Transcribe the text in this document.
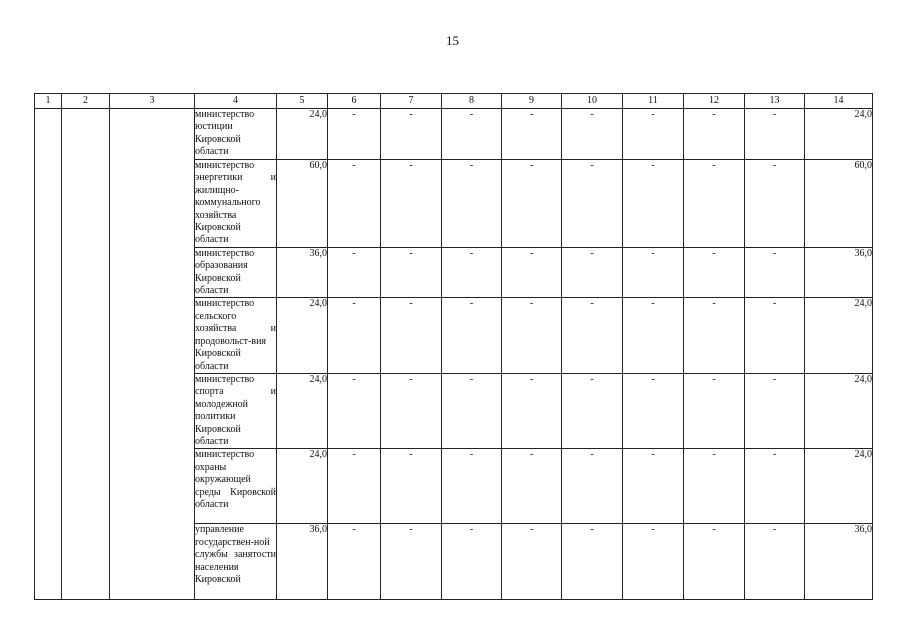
15
1	2	3	4	5	6	7	8	9	10	11	12	13	14
			министерство юстиции Кировской области	24,0	-	-	-	-	-	-	-	-	24,0
			министерство энергетики и жилищно-коммунального хозяйства Кировской области	60,0	-	-	-	-	-	-	-	-	60,0
			министерство образования Кировской области	36,0	-	-	-	-	-	-	-	-	36,0
			министерство сельского хозяйства и продовольст-вия Кировской области	24,0	-	-	-	-	-	-	-	-	24,0
			министерство спорта и молодежной политики Кировской области	24,0	-	-	-	-	-	-	-	-	24,0
			министерство охраны окружающей среды Кировской области	24,0	-	-	-	-	-	-	-	-	24,0
			управление государствен-ной службы занятости населения Кировской	36,0	-	-	-	-	-	-	-	-	36,0
